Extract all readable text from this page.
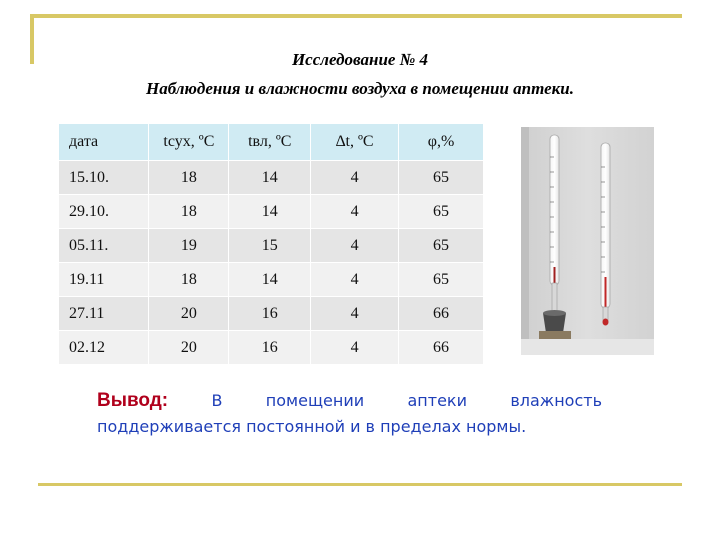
Исследование № 4
Наблюдения и влажности воздуха в помещении аптеки.
дата	tсух, ºС	tвл, ºС	∆t, ºС	φ,%
15.10.	18	14	4	65
29.10.	18	14	4	65
05.11.	19	15	4	65
19.11	18	14	4	65
27.11	20	16	4	66
02.12	20	16	4	66
Вывод:	В	помещении	аптеки	влажность
поддерживается постоянной и в пределах нормы.
